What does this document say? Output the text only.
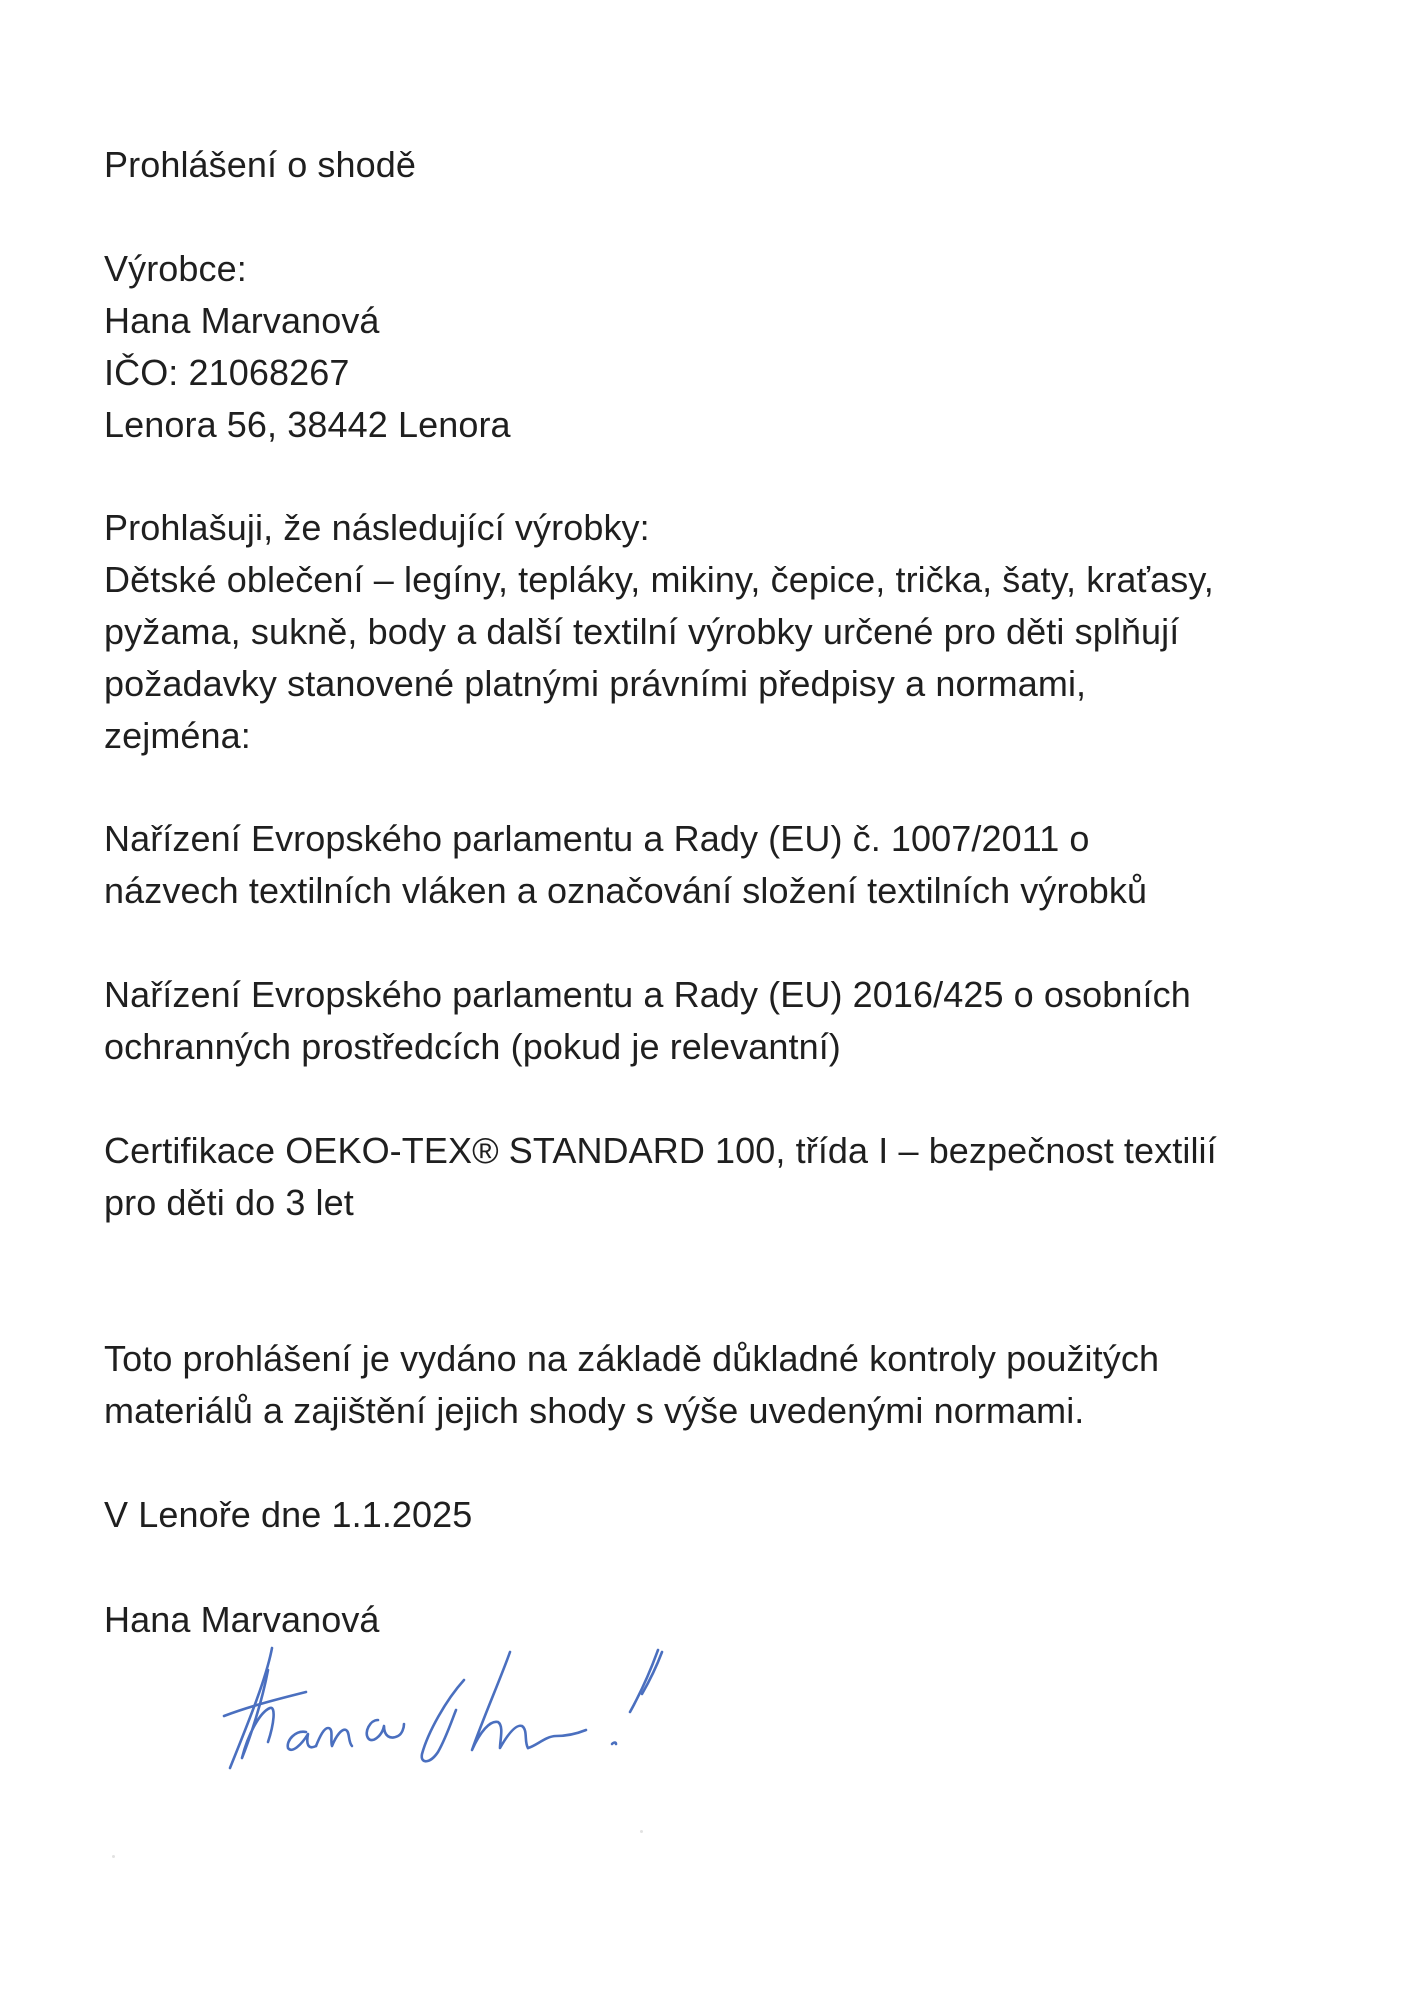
Prohlášení o shodě
Výrobce:
Hana Marvanová
IČO: 21068267
Lenora 56, 38442 Lenora
Prohlašuji, že následující výrobky:
Dětské oblečení – legíny, tepláky, mikiny, čepice, trička, šaty, kraťasy,
pyžama, sukně, body a další textilní výrobky určené pro děti splňují
požadavky stanovené platnými právními předpisy a normami,
zejména:
Nařízení Evropského parlamentu a Rady (EU) č. 1007/2011 o
názvech textilních vláken a označování složení textilních výrobků
Nařízení Evropského parlamentu a Rady (EU) 2016/425 o osobních
ochranných prostředcích (pokud je relevantní)
Certifikace OEKO-TEX® STANDARD 100, třída I – bezpečnost textilií
pro děti do 3 let
Toto prohlášení je vydáno na základě důkladné kontroly použitých
materiálů a zajištění jejich shody s výše uvedenými normami.
V Lenoře dne 1.1.2025
Hana Marvanová
